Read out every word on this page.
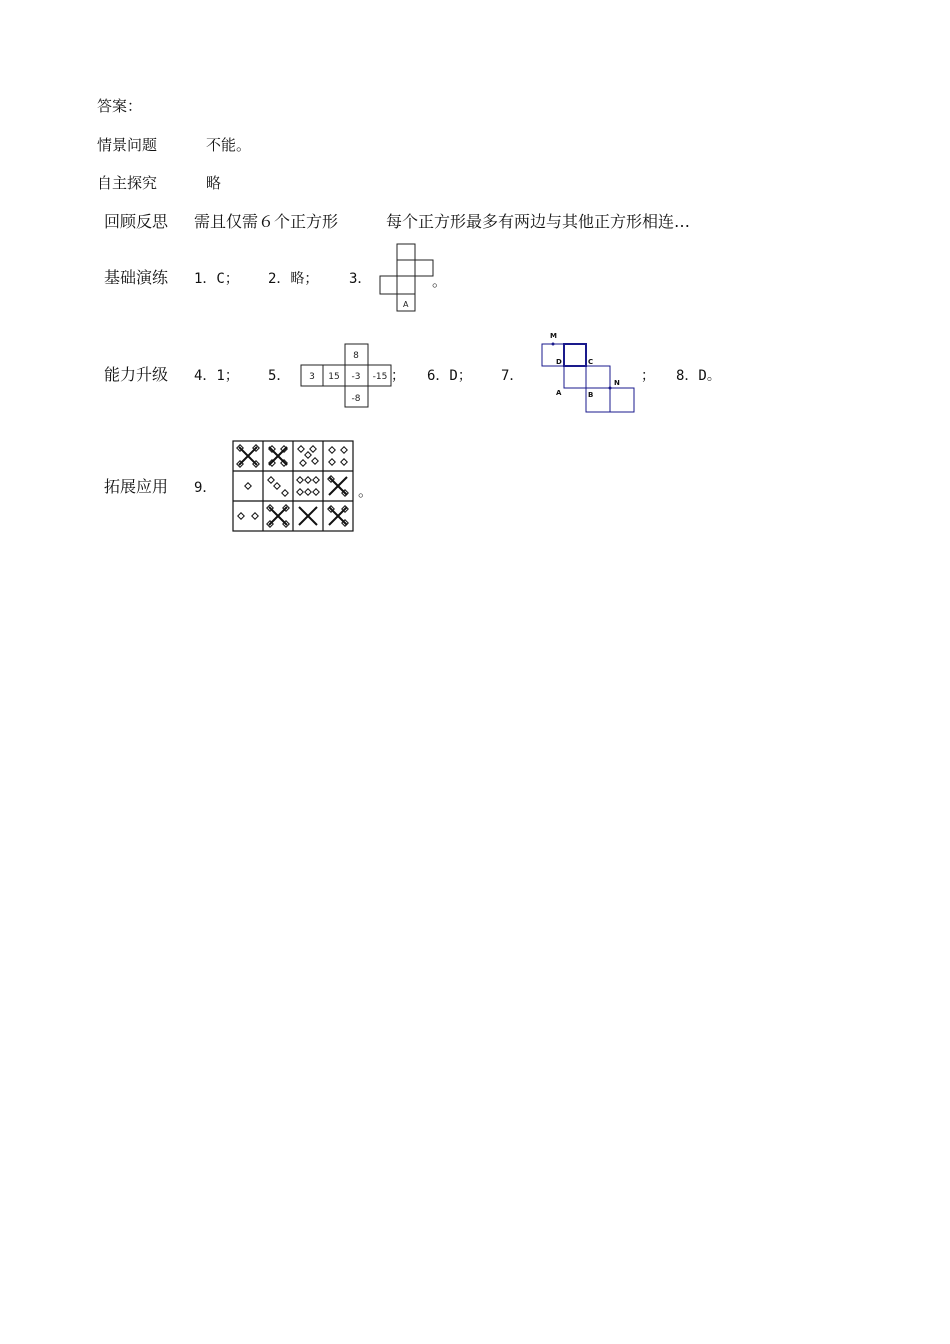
答案：
情景问题	不能。
自主探究	略
回顾反思 需且仅需６个正方形	每个正方形最多有两边与其他正方形相连…
基础演练 1．C； 2．略； 3．
A
。
能力升级 4．1； 5．
8
3 15 -3 -15
-8
； 6．D； 7．
M
D	C
N
A	B
； 8．D。
拓展应用 9．	。
